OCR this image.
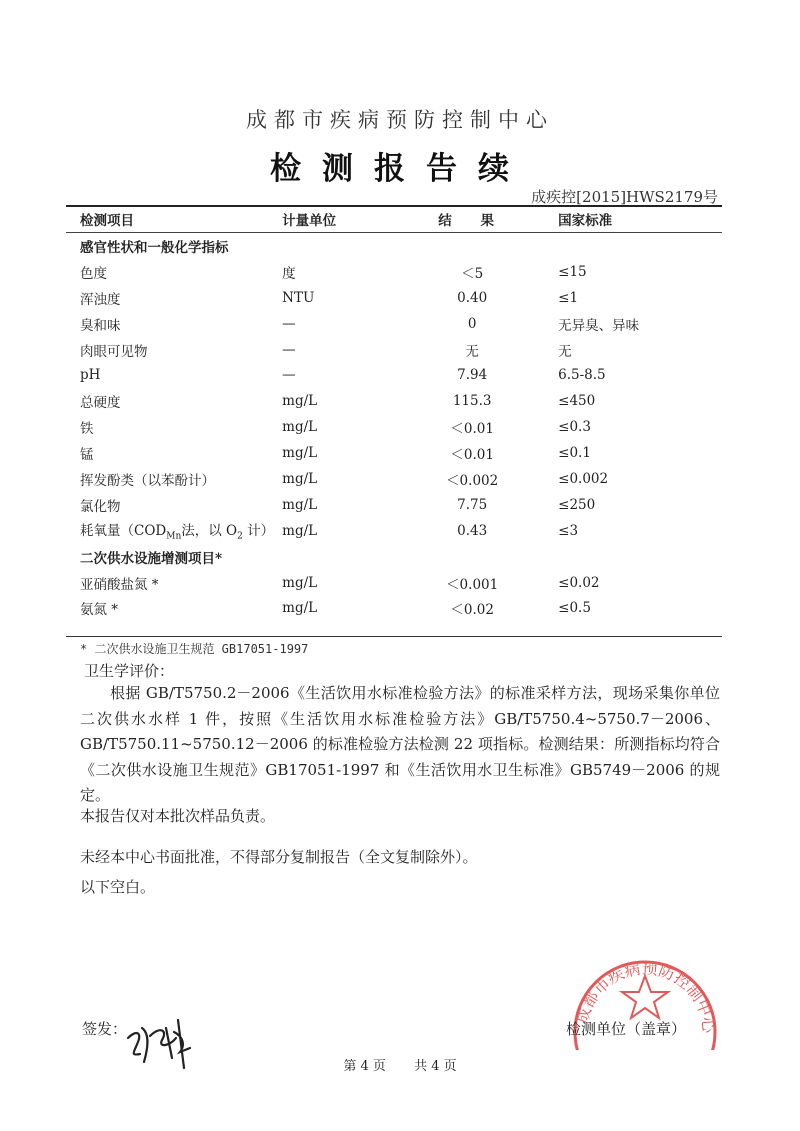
成都市疾病预防控制中心
检测报告续
成疾控[2015]HWS2179号
检测项目	计量单位	结 果	国家标准
感官性状和一般化学指标			
色度	度	＜5	≤15
浑浊度	NTU	0.40	≤1
臭和味	—	0	无异臭、异味
肉眼可见物	—	无	无
pH	—	7.94	6.5-8.5
总硬度	mg/L	115.3	≤450
铁	mg/L	＜0.01	≤0.3
锰	mg/L	＜0.01	≤0.1
挥发酚类（以苯酚计）	mg/L	＜0.002	≤0.002
氯化物	mg/L	7.75	≤250
耗氧量（$COD_{Mn}$法，以 $O_2$ 计）	mg/L	0.43	≤3
二次供水设施增测项目*			
亚硝酸盐氮 *	mg/L	＜0.001	≤0.02
氨氮 *	mg/L	＜0.02	≤0.5
* 二次供水设施卫生规范 GB17051-1997
卫生学评价：
根据 GB/T5750.2－2006《生活饮用水标准检验方法》的标准采样方法，现场采集你单位二次供水水样 1 件，按照《生活饮用水标准检验方法》GB/T5750.4~5750.7－2006、GB/T5750.11~5750.12－2006 的标准检验方法检测 22 项指标。检测结果：所测指标均符合《二次供水设施卫生规范》GB17051-1997 和《生活饮用水卫生标准》GB5749－2006 的规定。
本报告仅对本批次样品负责。
未经本中心书面批准，不得部分复制报告（全文复制除外）。
以下空白。
成都市疾病预防控制中心
签发：	检测单位（盖章）
第 4 页 共 4 页
